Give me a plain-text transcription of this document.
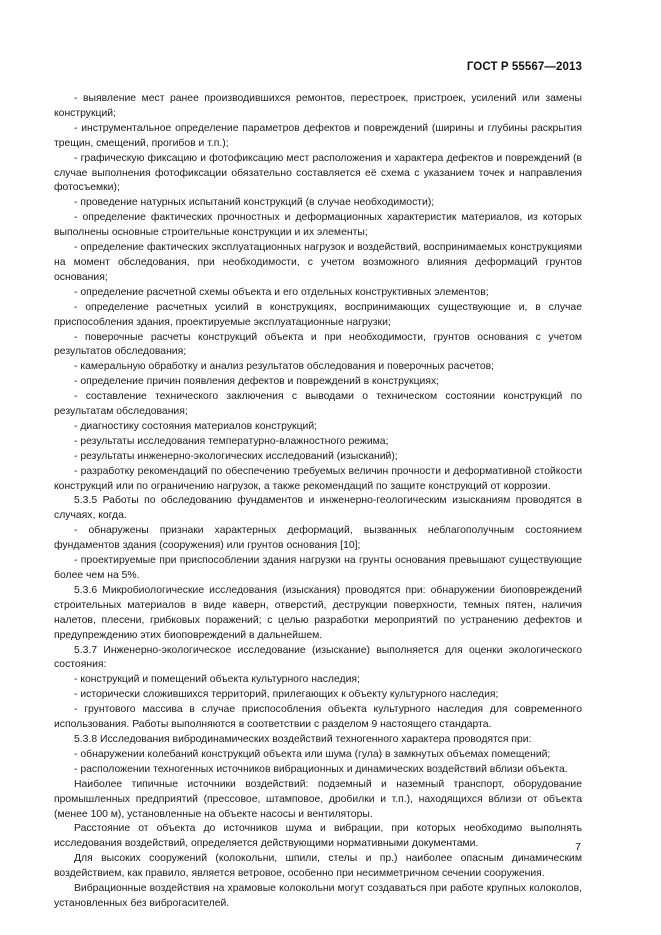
ГОСТ Р 55567—2013

- выявление мест ранее производившихся ремонтов, перестроек, пристроек, усилений или замены конструкций;

- инструментальное определение параметров дефектов и повреждений (ширины и глубины раскрытия трещин, смещений, прогибов и т.п.);

- графическую фиксацию и фотофиксацию мест расположения и характера дефектов и повреждений (в случае выполнения фотофиксации обязательно составляется её схема с указанием точек и направления фотосъемки);

- проведение натурных испытаний конструкций (в случае необходимости);

- определение фактических прочностных и деформационных характеристик материалов, из которых выполнены основные строительные конструкции и их элементы;

- определение фактических эксплуатационных нагрузок и воздействий, воспринимаемых конструкциями на момент обследования, при необходимости, с учетом возможного влияния деформаций грунтов основания;

- определение расчетной схемы объекта и его отдельных конструктивных элементов;

- определение расчетных усилий в конструкциях, воспринимающих существующие и, в случае приспособления здания, проектируемые эксплуатационные нагрузки;

- поверочные расчеты конструкций объекта и при необходимости, грунтов основания с учетом результатов обследования;

- камеральную обработку и анализ результатов обследования и поверочных расчетов;

- определение причин появления дефектов и повреждений в конструкциях;

- составление технического заключения с выводами о техническом состоянии конструкций по результатам обследования;

- диагностику состояния материалов конструкций;

- результаты исследования температурно-влажностного режима;

- результаты инженерно-экологических исследований (изысканий);

- разработку рекомендаций по обеспечению требуемых величин прочности и деформативной стойкости конструкций или по ограничению нагрузок, а также рекомендаций по защите конструкций от коррозии.

5.3.5 Работы по обследованию фундаментов и инженерно-геологическим изысканиям проводятся в случаях, когда.

- обнаружены признаки характерных деформаций, вызванных неблагополучным состоянием фундаментов здания (сооружения) или грунтов основания [10];

- проектируемые при приспособлении здания нагрузки на грунты основания превышают существующие более чем на 5%.

5.3.6 Микробиологические исследования (изыскания) проводятся при: обнаружении биоповреждений строительных материалов в виде каверн, отверстий, деструкции поверхности, темных пятен, наличия налетов, плесени, грибковых поражений; с целью разработки мероприятий по устранению дефектов и предупреждению этих биоповреждений в дальнейшем.

5.3.7 Инженерно-экологическое исследование (изыскание) выполняется для оценки экологического состояния:

- конструкций и помещений объекта культурного наследия;

- исторически сложившихся территорий, прилегающих к объекту культурного наследия;

- грунтового массива в случае приспособления объекта культурного наследия для современного использования. Работы выполняются в соответствии с разделом 9 настоящего стандарта.

5.3.8 Исследования вибродинамических воздействий техногенного характера проводятся при:

- обнаружении колебаний конструкций объекта или шума (гула) в замкнутых объемах помещений;

- расположении техногенных источников вибрационных и динамических воздействий вблизи объекта.

Наиболее типичные источники воздействий: подземный и наземный транспорт, оборудование промышленных предприятий (прессовое, штамповое, дробилки и т.п.), находящихся вблизи от объекта (менее 100 м), установленные на объекте насосы и вентиляторы.

Расстояние от объекта до источников шума и вибрации, при которых необходимо выполнять исследования воздействий, определяется действующими нормативными документами.

Для высоких сооружений (колокольни, шпили, стелы и пр.) наиболее опасным динамическим воздействием, как правило, является ветровое, особенно при несимметричном сечении сооружения.

Вибрационные воздействия на храмовые колокольни могут создаваться при работе крупных колоколов, установленных без виброгасителей.

7
